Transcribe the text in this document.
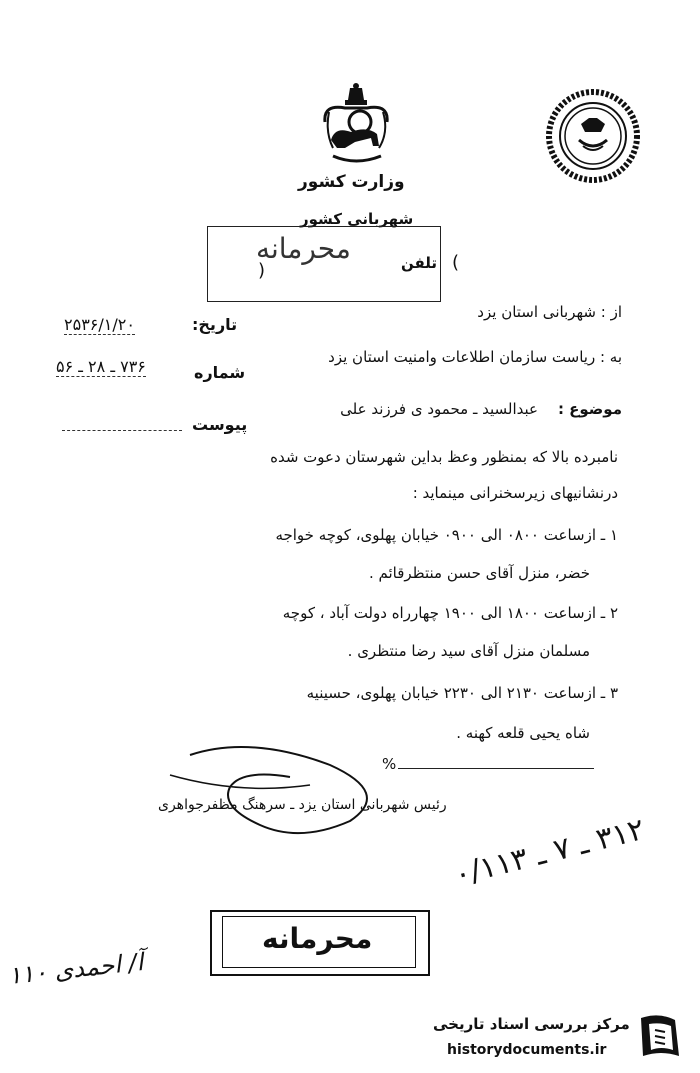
وزارت کشور
شهربانی کشور
محرمانه	(
تلفن
)
از : شهربانی استان یزد
به : ریاست سازمان اطلاعات وامنیت استان یزد
تاریخ:
۲۵۳۶/۱/۲۰
شماره
۷۳۶ ـ ۲۸ ـ ۵۶
پیوست
موضوع :
عبدالسید ـ محمود ی فرزند علی
نامبرده بالا که بمنظور وعظ بداین شهرستان دعوت شده
درنشانیهای زیرسخنرانی مینماید :
۱ ـ ازساعت ۰۸۰۰ الی ۰۹۰۰ خیابان پهلوی، کوچه خواجه
خضر، منزل آقای حسن منتظرقائم .
۲ ـ ازساعت ۱۸۰۰ الی ۱۹۰۰ چهارراه دولت آباد ، کوچه
مسلمان منزل آقای سید رضا منتظری .
۳ ـ ازساعت ۲۱۳۰ الی ۲۲۳۰ خیابان پهلوی، حسینیه
شاه یحیی قلعه کهنه .
%
رئیس شهربانی استان یزد ـ سرهنگ مظفرجواهری
۳۱۲ ـ ۷ ـ ۰/۱۱۳
محرمانه
آ/ احمدی ۱۱۰
مرکز بررسی اسناد تاریخی
historydocuments.ir
